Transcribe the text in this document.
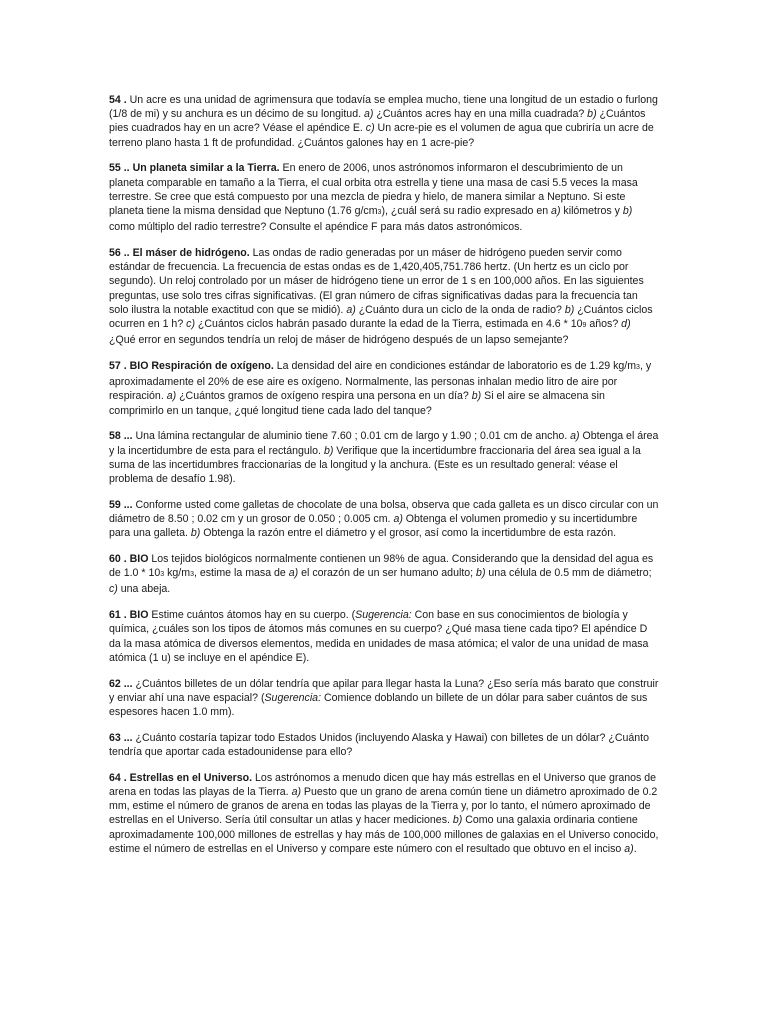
54 . Un acre es una unidad de agrimensura que todavía se emplea mucho, tiene una longitud de un estadio o furlong (1/8 de mi) y su anchura es un décimo de su longitud. a) ¿Cuántos acres hay en una milla cuadrada? b) ¿Cuántos pies cuadrados hay en un acre? Véase el apéndice E. c) Un acre-pie es el volumen de agua que cubriría un acre de terreno plano hasta 1 ft de profundidad. ¿Cuántos galones hay en 1 acre-pie?

55 .. Un planeta similar a la Tierra. En enero de 2006, unos astrónomos informaron el descubrimiento de un planeta comparable en tamaño a la Tierra, el cual orbita otra estrella y tiene una masa de casi 5.5 veces la masa terrestre. Se cree que está compuesto por una mezcla de piedra y hielo, de manera similar a Neptuno. Si este planeta tiene la misma densidad que Neptuno (1.76 g/cm3), ¿cuál será su radio expresado en a) kilómetros y b) como múltiplo del radio terrestre? Consulte el apéndice F para más datos astronómicos.

56 .. El máser de hidrógeno. Las ondas de radio generadas por un máser de hidrógeno pueden servir como estándar de frecuencia. La frecuencia de estas ondas es de 1,420,405,751.786 hertz. (Un hertz es un ciclo por segundo). Un reloj controlado por un máser de hidrógeno tiene un error de 1 s en 100,000 años. En las siguientes preguntas, use solo tres cifras significativas. (El gran número de cifras significativas dadas para la frecuencia tan solo ilustra la notable exactitud con que se midió). a) ¿Cuánto dura un ciclo de la onda de radio? b) ¿Cuántos ciclos ocurren en 1 h? c) ¿Cuántos ciclos habrán pasado durante la edad de la Tierra, estimada en 4.6 * 109 años? d) ¿Qué error en segundos tendría un reloj de máser de hidrógeno después de un lapso semejante?

57 . BIO Respiración de oxígeno. La densidad del aire en condiciones estándar de laboratorio es de 1.29 kg/m3, y aproximadamente el 20% de ese aire es oxígeno. Normalmente, las personas inhalan medio litro de aire por respiración. a) ¿Cuántos gramos de oxígeno respira una persona en un día? b) Si el aire se almacena sin comprimirlo en un tanque, ¿qué longitud tiene cada lado del tanque?

58 ... Una lámina rectangular de aluminio tiene 7.60 ; 0.01 cm de largo y 1.90 ; 0.01 cm de ancho. a) Obtenga el área y la incertidumbre de esta para el rectángulo. b) Verifique que la incertidumbre fraccionaria del área sea igual a la suma de las incertidumbres fraccionarias de la longitud y la anchura. (Este es un resultado general: véase el problema de desafío 1.98).

59 ... Conforme usted come galletas de chocolate de una bolsa, observa que cada galleta es un disco circular con un diámetro de 8.50 ; 0.02 cm y un grosor de 0.050 ; 0.005 cm. a) Obtenga el volumen promedio y su incertidumbre para una galleta. b) Obtenga la razón entre el diámetro y el grosor, así como la incertidumbre de esta razón.

60 . BIO Los tejidos biológicos normalmente contienen un 98% de agua. Considerando que la densidad del agua es de 1.0 * 103 kg/m3, estime la masa de a) el corazón de un ser humano adulto; b) una célula de 0.5 mm de diámetro; c) una abeja.

61 . BIO Estime cuántos átomos hay en su cuerpo. (Sugerencia: Con base en sus conocimientos de biología y química, ¿cuáles son los tipos de átomos más comunes en su cuerpo? ¿Qué masa tiene cada tipo? El apéndice D da la masa atómica de diversos elementos, medida en unidades de masa atómica; el valor de una unidad de masa atómica (1 u) se incluye en el apéndice E).

62 ... ¿Cuántos billetes de un dólar tendría que apilar para llegar hasta la Luna? ¿Eso sería más barato que construir y enviar ahí una nave espacial? (Sugerencia: Comience doblando un billete de un dólar para saber cuántos de sus espesores hacen 1.0 mm).

63 ... ¿Cuánto costaría tapizar todo Estados Unidos (incluyendo Alaska y Hawai) con billetes de un dólar? ¿Cuánto tendría que aportar cada estadounidense para ello?

64 . Estrellas en el Universo. Los astrónomos a menudo dicen que hay más estrellas en el Universo que granos de arena en todas las playas de la Tierra. a) Puesto que un grano de arena común tiene un diámetro aproximado de 0.2 mm, estime el número de granos de arena en todas las playas de la Tierra y, por lo tanto, el número aproximado de estrellas en el Universo. Sería útil consultar un atlas y hacer mediciones. b) Como una galaxia ordinaria contiene aproximadamente 100,000 millones de estrellas y hay más de 100,000 millones de galaxias en el Universo conocido, estime el número de estrellas en el Universo y compare este número con el resultado que obtuvo en el inciso a).
